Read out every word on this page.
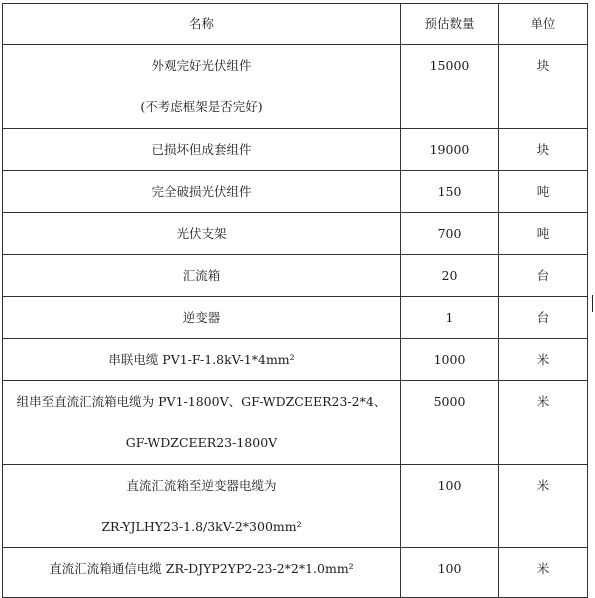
名称	预估数量	单位

外观完好光伏组件
(不考虑框架是否完好)	15000	块
已损坏但成套组件	19000	块
完全破损光伏组件	150	吨
光伏支架	700	吨
汇流箱	20	台
逆变器	1	台
串联电缆 PV1-F-1.8kV-1*4mm²	1000	米

组串至直流汇流箱电缆为 PV1-1800V、GF-WDZCEER23-2*4、
GF-WDZCEER23-1800V	5000	米

直流汇流箱至逆变器电缆为
ZR-YJLHY23-1.8/3kV-2*300mm²	100	米
直流汇流箱通信电缆 ZR-DJYP2YP2-23-2*2*1.0mm²	100	米
